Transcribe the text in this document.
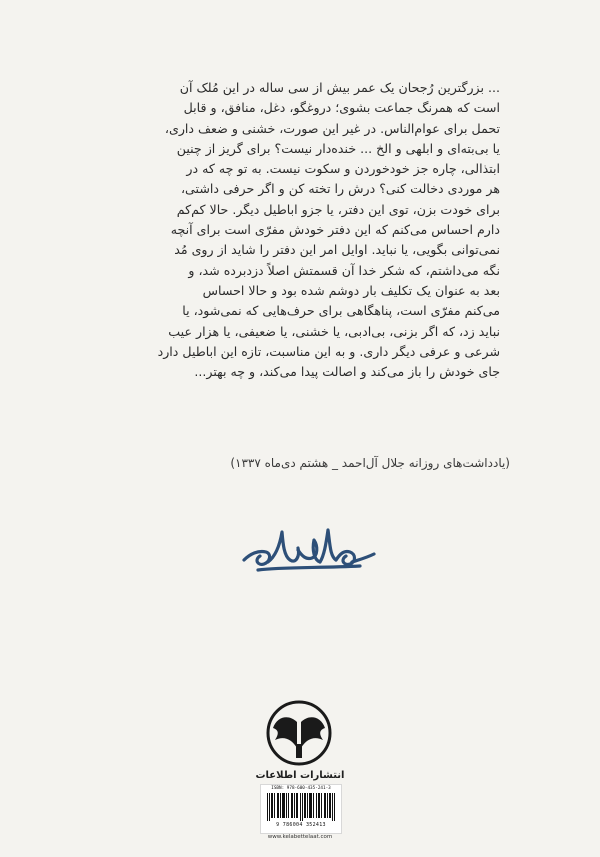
... بزرگترین رُجحان یک عمر بیش از سی ساله در این مُلک آن
است که همرنگ جماعت بشوی؛ دروغگو، دغل، منافق، و قابل
تحمل برای عوام‌الناس. در غیر این صورت، خشنی و ضعف داری،
یا بی‌بته‌ای و ابلهی و الخ ... خنده‌دار نیست؟ برای گریز از چنین
ابتذالی، چاره جز خودخوردن و سکوت نیست. به تو چه که در
هر موردی دخالت کنی؟ درش را تخته کن و اگر حرفی داشتی،
برای خودت بزن، توی این دفتر، یا جزو اباطیل دیگر. حالا کم‌کم
دارم احساس می‌کنم که این دفتر خودش مفرّی است برای آنچه
نمی‌توانی بگویی، یا نباید. اوایل امر این دفتر را شاید از روی مُد
نگه می‌داشتم، که شکر خدا آن قسمتش اصلاً دزدبرده شد، و
بعد به عنوان یک تکلیف بار دوشم شده بود و حالا احساس
می‌کنم مفرّی است، پناهگاهی برای حرف‌هایی که نمی‌شود، یا
نباید زد، که اگر بزنی، بی‌ادبی، یا خشنی، یا ضعیفی، یا هزار عیب
شرعی و عرفی دیگر داری. و به این مناسبت، تازه این اباطیل دارد
جای خودش را باز می‌کند و اصالت پیدا می‌کند، و چه بهتر...
(یادداشت‌های روزانه جلال آل‌احمد _ هشتم دی‌ماه ۱۳۳۷)
انتشارات اطلاعات
ISBN: 978-600-435-241-3
9 786004 352413
www.kelabettelaat.com
